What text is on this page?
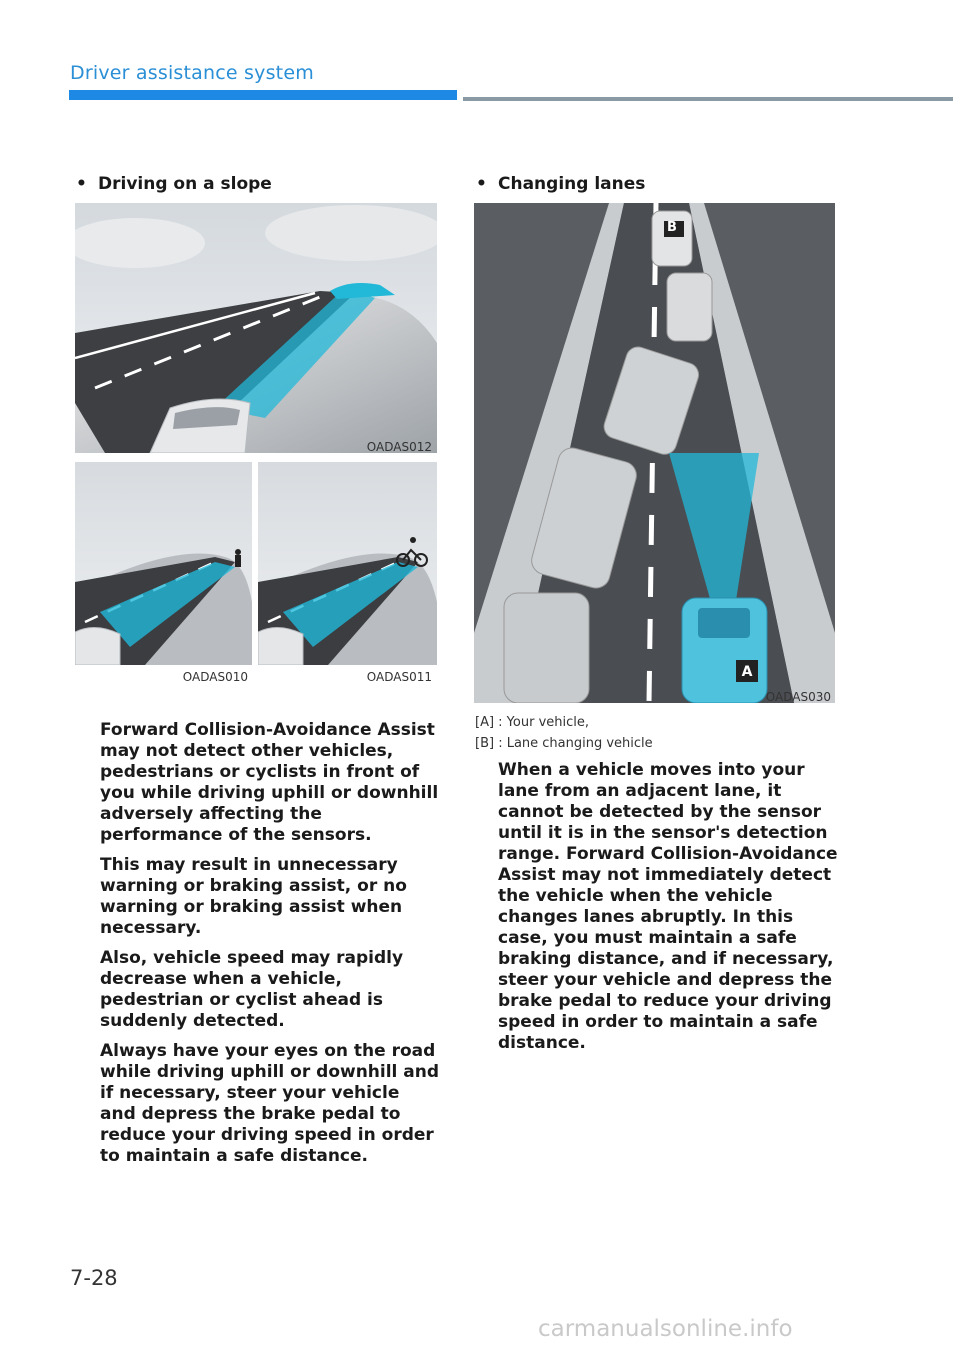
Driver assistance system
• Driving on a slope
OADAS012
OADAS010	OADAS011

Forward Collision-Avoidance Assist may not detect other vehicles, pedestrians or cyclists in front of you while driving uphill or downhill adversely affecting the performance of the sensors.

This may result in unnecessary warning or braking assist, or no warning or braking assist when necessary.

Also, vehicle speed may rapidly decrease when a vehicle, pedestrian or cyclist ahead is suddenly detected.

Always have your eyes on the road while driving uphill or downhill and if necessary, steer your vehicle and depress the brake pedal to reduce your driving speed in order to maintain a safe distance.

• Changing lanes
B
A
OADAS030
[A] : Your vehicle,
[B] : Lane changing vehicle

When a vehicle moves into your lane from an adjacent lane, it cannot be detected by the sensor until it is in the sensor's detection range. Forward Collision-Avoidance Assist may not immediately detect the vehicle when the vehicle changes lanes abruptly. In this case, you must maintain a safe braking distance, and if necessary, steer your vehicle and depress the brake pedal to reduce your driving speed in order to maintain a safe distance.

7-28
carmanualsonline.info
